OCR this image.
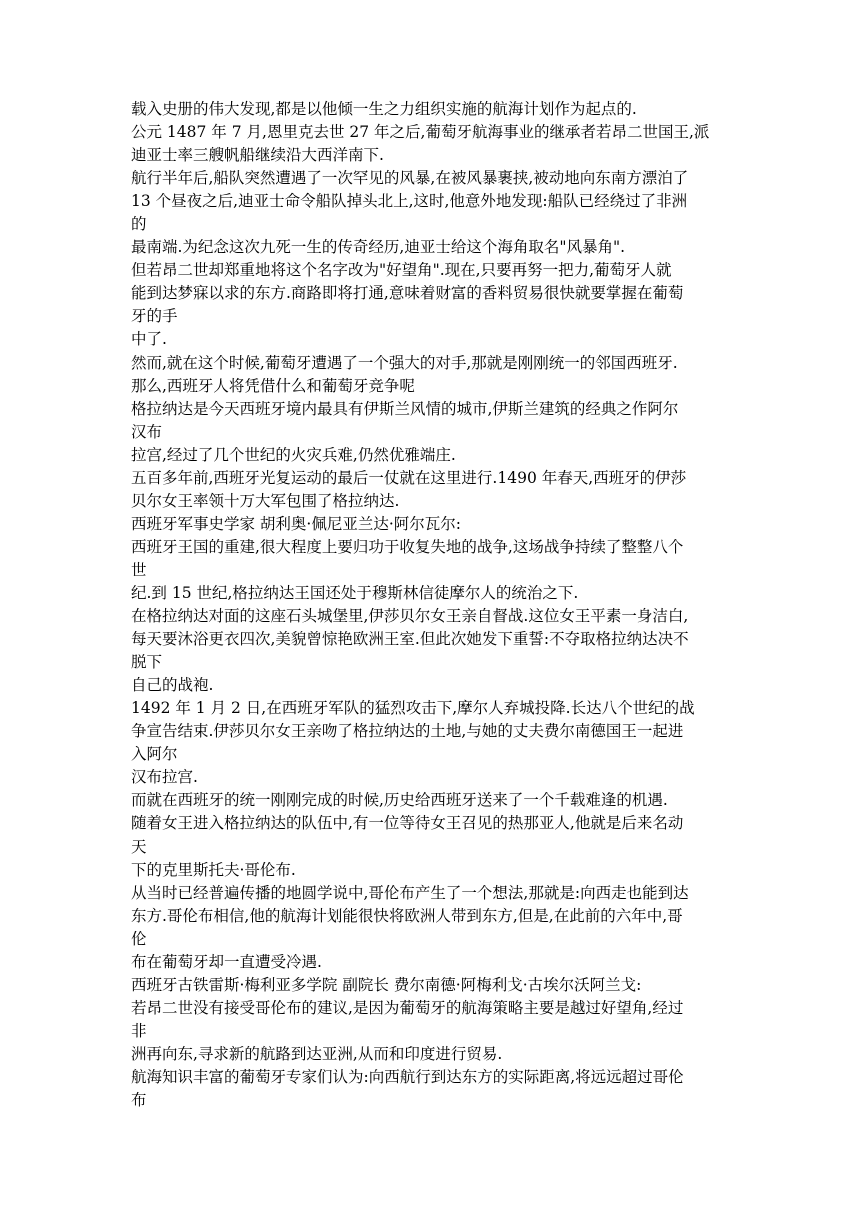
载入史册的伟大发现,都是以他倾一生之力组织实施的航海计划作为起点的.
公元 1487 年 7 月,恩里克去世 27 年之后,葡萄牙航海事业的继承者若昂二世国王,派
迪亚士率三艘帆船继续沿大西洋南下.
航行半年后,船队突然遭遇了一次罕见的风暴,在被风暴裹挟,被动地向东南方漂泊了
13 个昼夜之后,迪亚士命令船队掉头北上,这时,他意外地发现:船队已经绕过了非洲
的
最南端.为纪念这次九死一生的传奇经历,迪亚士给这个海角取名"风暴角".
但若昂二世却郑重地将这个名字改为"好望角".现在,只要再努一把力,葡萄牙人就
能到达梦寐以求的东方.商路即将打通,意味着财富的香料贸易很快就要掌握在葡萄
牙的手
中了.
然而,就在这个时候,葡萄牙遭遇了一个强大的对手,那就是刚刚统一的邻国西班牙.
那么,西班牙人将凭借什么和葡萄牙竞争呢
格拉纳达是今天西班牙境内最具有伊斯兰风情的城市,伊斯兰建筑的经典之作阿尔
汉布
拉宫,经过了几个世纪的火灾兵难,仍然优雅端庄.
五百多年前,西班牙光复运动的最后一仗就在这里进行.1490 年春天,西班牙的伊莎
贝尔女王率领十万大军包围了格拉纳达.
西班牙军事史学家 胡利奥·佩尼亚兰达·阿尔瓦尔:
西班牙王国的重建,很大程度上要归功于收复失地的战争,这场战争持续了整整八个
世
纪.到 15 世纪,格拉纳达王国还处于穆斯林信徒摩尔人的统治之下.
在格拉纳达对面的这座石头城堡里,伊莎贝尔女王亲自督战.这位女王平素一身洁白,
每天要沐浴更衣四次,美貌曾惊艳欧洲王室.但此次她发下重誓:不夺取格拉纳达决不
脱下
自己的战袍.
1492 年 1 月 2 日,在西班牙军队的猛烈攻击下,摩尔人弃城投降.长达八个世纪的战
争宣告结束.伊莎贝尔女王亲吻了格拉纳达的土地,与她的丈夫费尔南德国王一起进
入阿尔
汉布拉宫.
而就在西班牙的统一刚刚完成的时候,历史给西班牙送来了一个千载难逢的机遇.
随着女王进入格拉纳达的队伍中,有一位等待女王召见的热那亚人,他就是后来名动
天
下的克里斯托夫·哥伦布.
从当时已经普遍传播的地圆学说中,哥伦布产生了一个想法,那就是:向西走也能到达
东方.哥伦布相信,他的航海计划能很快将欧洲人带到东方,但是,在此前的六年中,哥
伦
布在葡萄牙却一直遭受冷遇.
西班牙古铁雷斯·梅利亚多学院 副院长 费尔南德·阿梅利戈·古埃尔沃阿兰戈:
若昂二世没有接受哥伦布的建议,是因为葡萄牙的航海策略主要是越过好望角,经过
非
洲再向东,寻求新的航路到达亚洲,从而和印度进行贸易.
航海知识丰富的葡萄牙专家们认为:向西航行到达东方的实际距离,将远远超过哥伦
布
